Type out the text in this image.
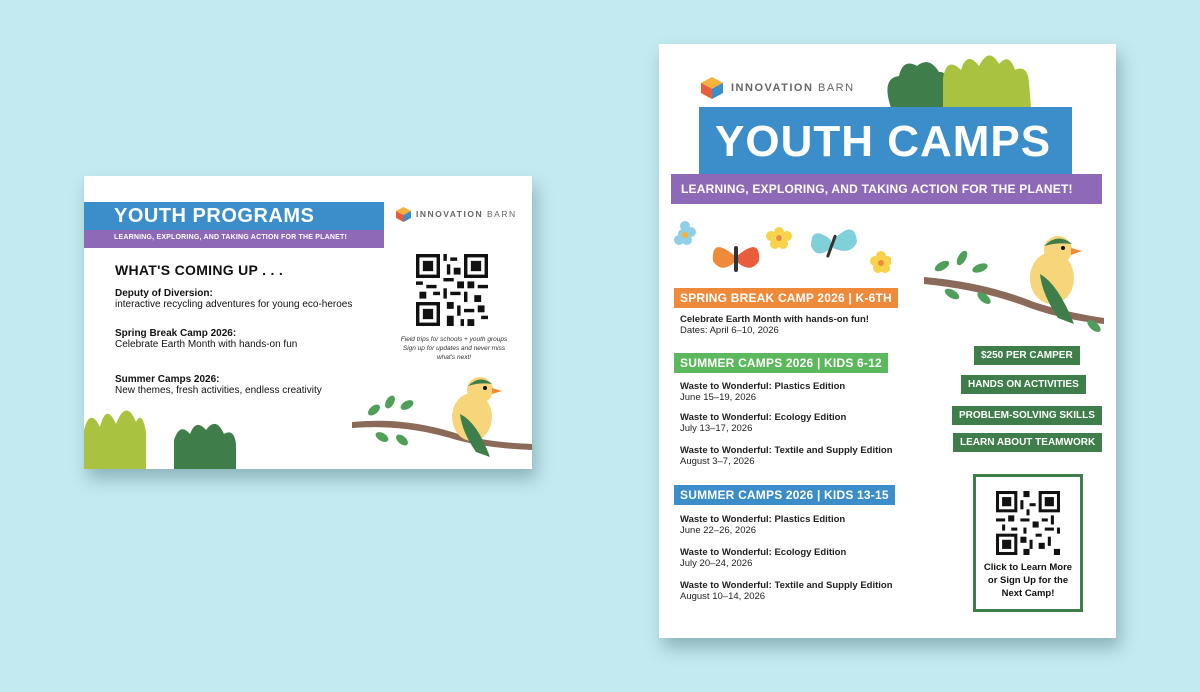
YOUTH PROGRAMS
LEARNING, EXPLORING, AND TAKING ACTION FOR THE PLANET!
INNOVATION BARN
WHAT'S COMING UP . . .
Deputy of Diversion:
interactive recycling adventures for young eco-heroes
Spring Break Camp 2026:
Celebrate Earth Month with hands-on fun
Summer Camps 2026:
New themes, fresh activities, endless creativity
Field trips for schools + youth groups
Sign up for updates and never miss
what's next!
INNOVATION BARN
YOUTH CAMPS
LEARNING, EXPLORING, AND TAKING ACTION FOR THE PLANET!
SPRING BREAK CAMP 2026 | K-6TH
Celebrate Earth Month with hands-on fun!
Dates: April 6–10, 2026
SUMMER CAMPS 2026 | KIDS 6-12
Waste to Wonderful: Plastics Edition
June 15–19, 2026
Waste to Wonderful: Ecology Edition
July 13–17, 2026
Waste to Wonderful: Textile and Supply Edition
August 3–7, 2026
SUMMER CAMPS 2026 | KIDS 13-15
Waste to Wonderful: Plastics Edition
June 22–26, 2026
Waste to Wonderful: Ecology Edition
July 20–24, 2026
Waste to Wonderful: Textile and Supply Edition
August 10–14, 2026
$250 PER CAMPER
HANDS ON ACTIVITIES
PROBLEM-SOLVING SKILLS
LEARN ABOUT TEAMWORK
Click to Learn More
or Sign Up for the
Next Camp!
